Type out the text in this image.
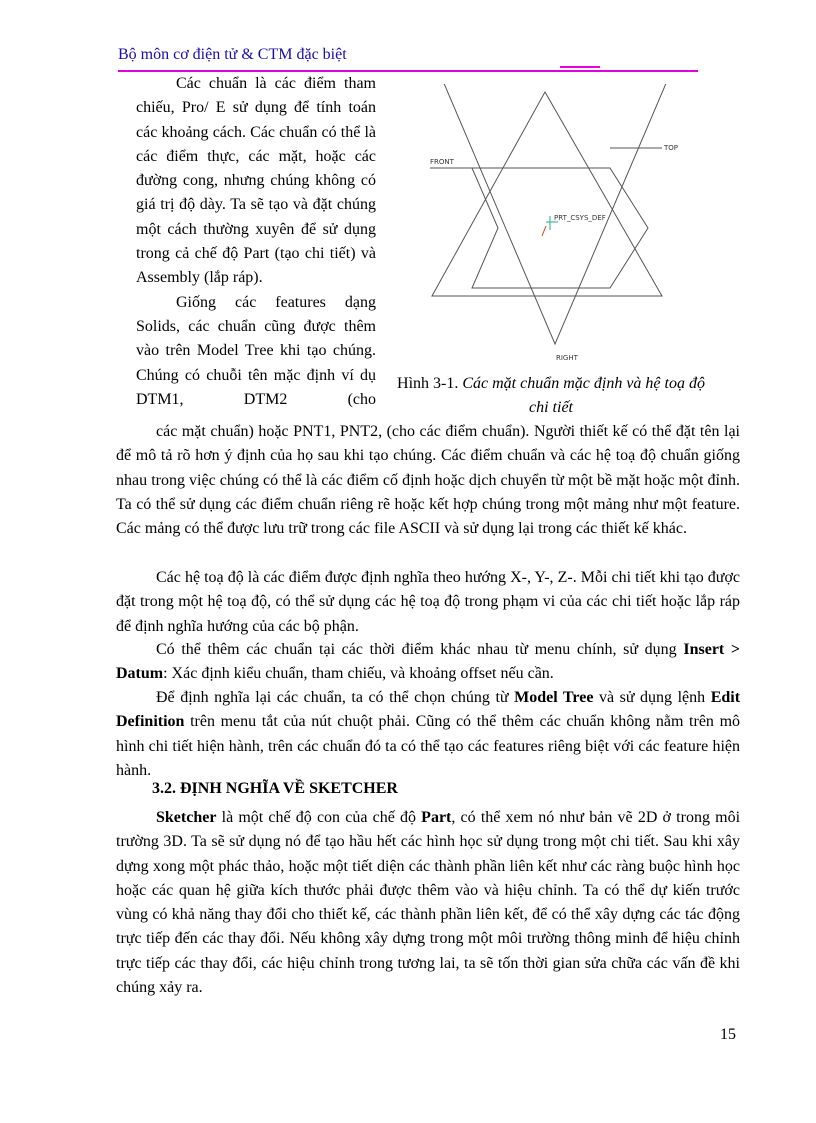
Bộ môn cơ điện tử & CTM đặc biệt
Các chuẩn là các điểm tham chiếu, Pro/ E sử dụng để tính toán các khoảng cách. Các chuẩn có thể là các điểm thực, các mặt, hoặc các đường cong, nhưng chúng không có giá trị độ dày. Ta sẽ tạo và đặt chúng một cách thường xuyên để sử dụng trong cả chế độ Part (tạo chi tiết) và Assembly (lắp ráp).
Giống các features dạng Solids, các chuẩn cũng được thêm vào trên Model Tree khi tạo chúng. Chúng có chuỗi tên mặc định ví dụ DTM1, DTM2 (cho
TOP
FRONT
RIGHT
PRT_CSYS_DEF
Hình 3-1. Các mặt chuẩn mặc định và hệ toạ độ chi tiết
các mặt chuẩn) hoặc PNT1, PNT2, (cho các điểm chuẩn). Người thiết kế có thể đặt tên lại để mô tả rõ hơn ý định của họ sau khi tạo chúng. Các điểm chuẩn và các hệ toạ độ chuẩn giống nhau trong việc chúng có thể là các điểm cố định hoặc dịch chuyển từ một bề mặt hoặc một đỉnh. Ta có thể sử dụng các điểm chuẩn riêng rẽ hoặc kết hợp chúng trong một mảng như một feature. Các mảng có thể được lưu trữ trong các file ASCII và sử dụng lại trong các thiết kế khác.
Các hệ toạ độ là các điểm được định nghĩa theo hướng X-, Y-, Z-. Mỗi chi tiết khi tạo được đặt trong một hệ toạ độ, có thể sử dụng các hệ toạ độ trong phạm vi của các chi tiết hoặc lắp ráp để định nghĩa hướng của các bộ phận.
Có thể thêm các chuẩn tại các thời điểm khác nhau từ menu chính, sử dụng Insert > Datum: Xác định kiểu chuẩn, tham chiếu, và khoảng offset nếu cần.
Để định nghĩa lại các chuẩn, ta có thể chọn chúng từ Model Tree và sử dụng lệnh Edit Definition trên menu tắt của nút chuột phải. Cũng có thể thêm các chuẩn không nằm trên mô hình chi tiết hiện hành, trên các chuẩn đó ta có thể tạo các features riêng biệt với các feature hiện hành.
3.2. ĐỊNH NGHĨA VỀ SKETCHER
Sketcher là một chế độ con của chế độ Part, có thể xem nó như bản vẽ 2D ở trong môi trường 3D. Ta sẽ sử dụng nó để tạo hầu hết các hình học sử dụng trong một chi tiết. Sau khi xây dựng xong một phác thảo, hoặc một tiết diện các thành phần liên kết như các ràng buộc hình học hoặc các quan hệ giữa kích thước phải được thêm vào và hiệu chỉnh. Ta có thể dự kiến trước vùng có khả năng thay đổi cho thiết kế, các thành phần liên kết, để có thể xây dựng các tác động trực tiếp đến các thay đổi. Nếu không xây dựng trong một môi trường thông minh để hiệu chỉnh trực tiếp các thay đổi, các hiệu chỉnh trong tương lai, ta sẽ tốn thời gian sửa chữa các vấn đề khi chúng xảy ra.
15
